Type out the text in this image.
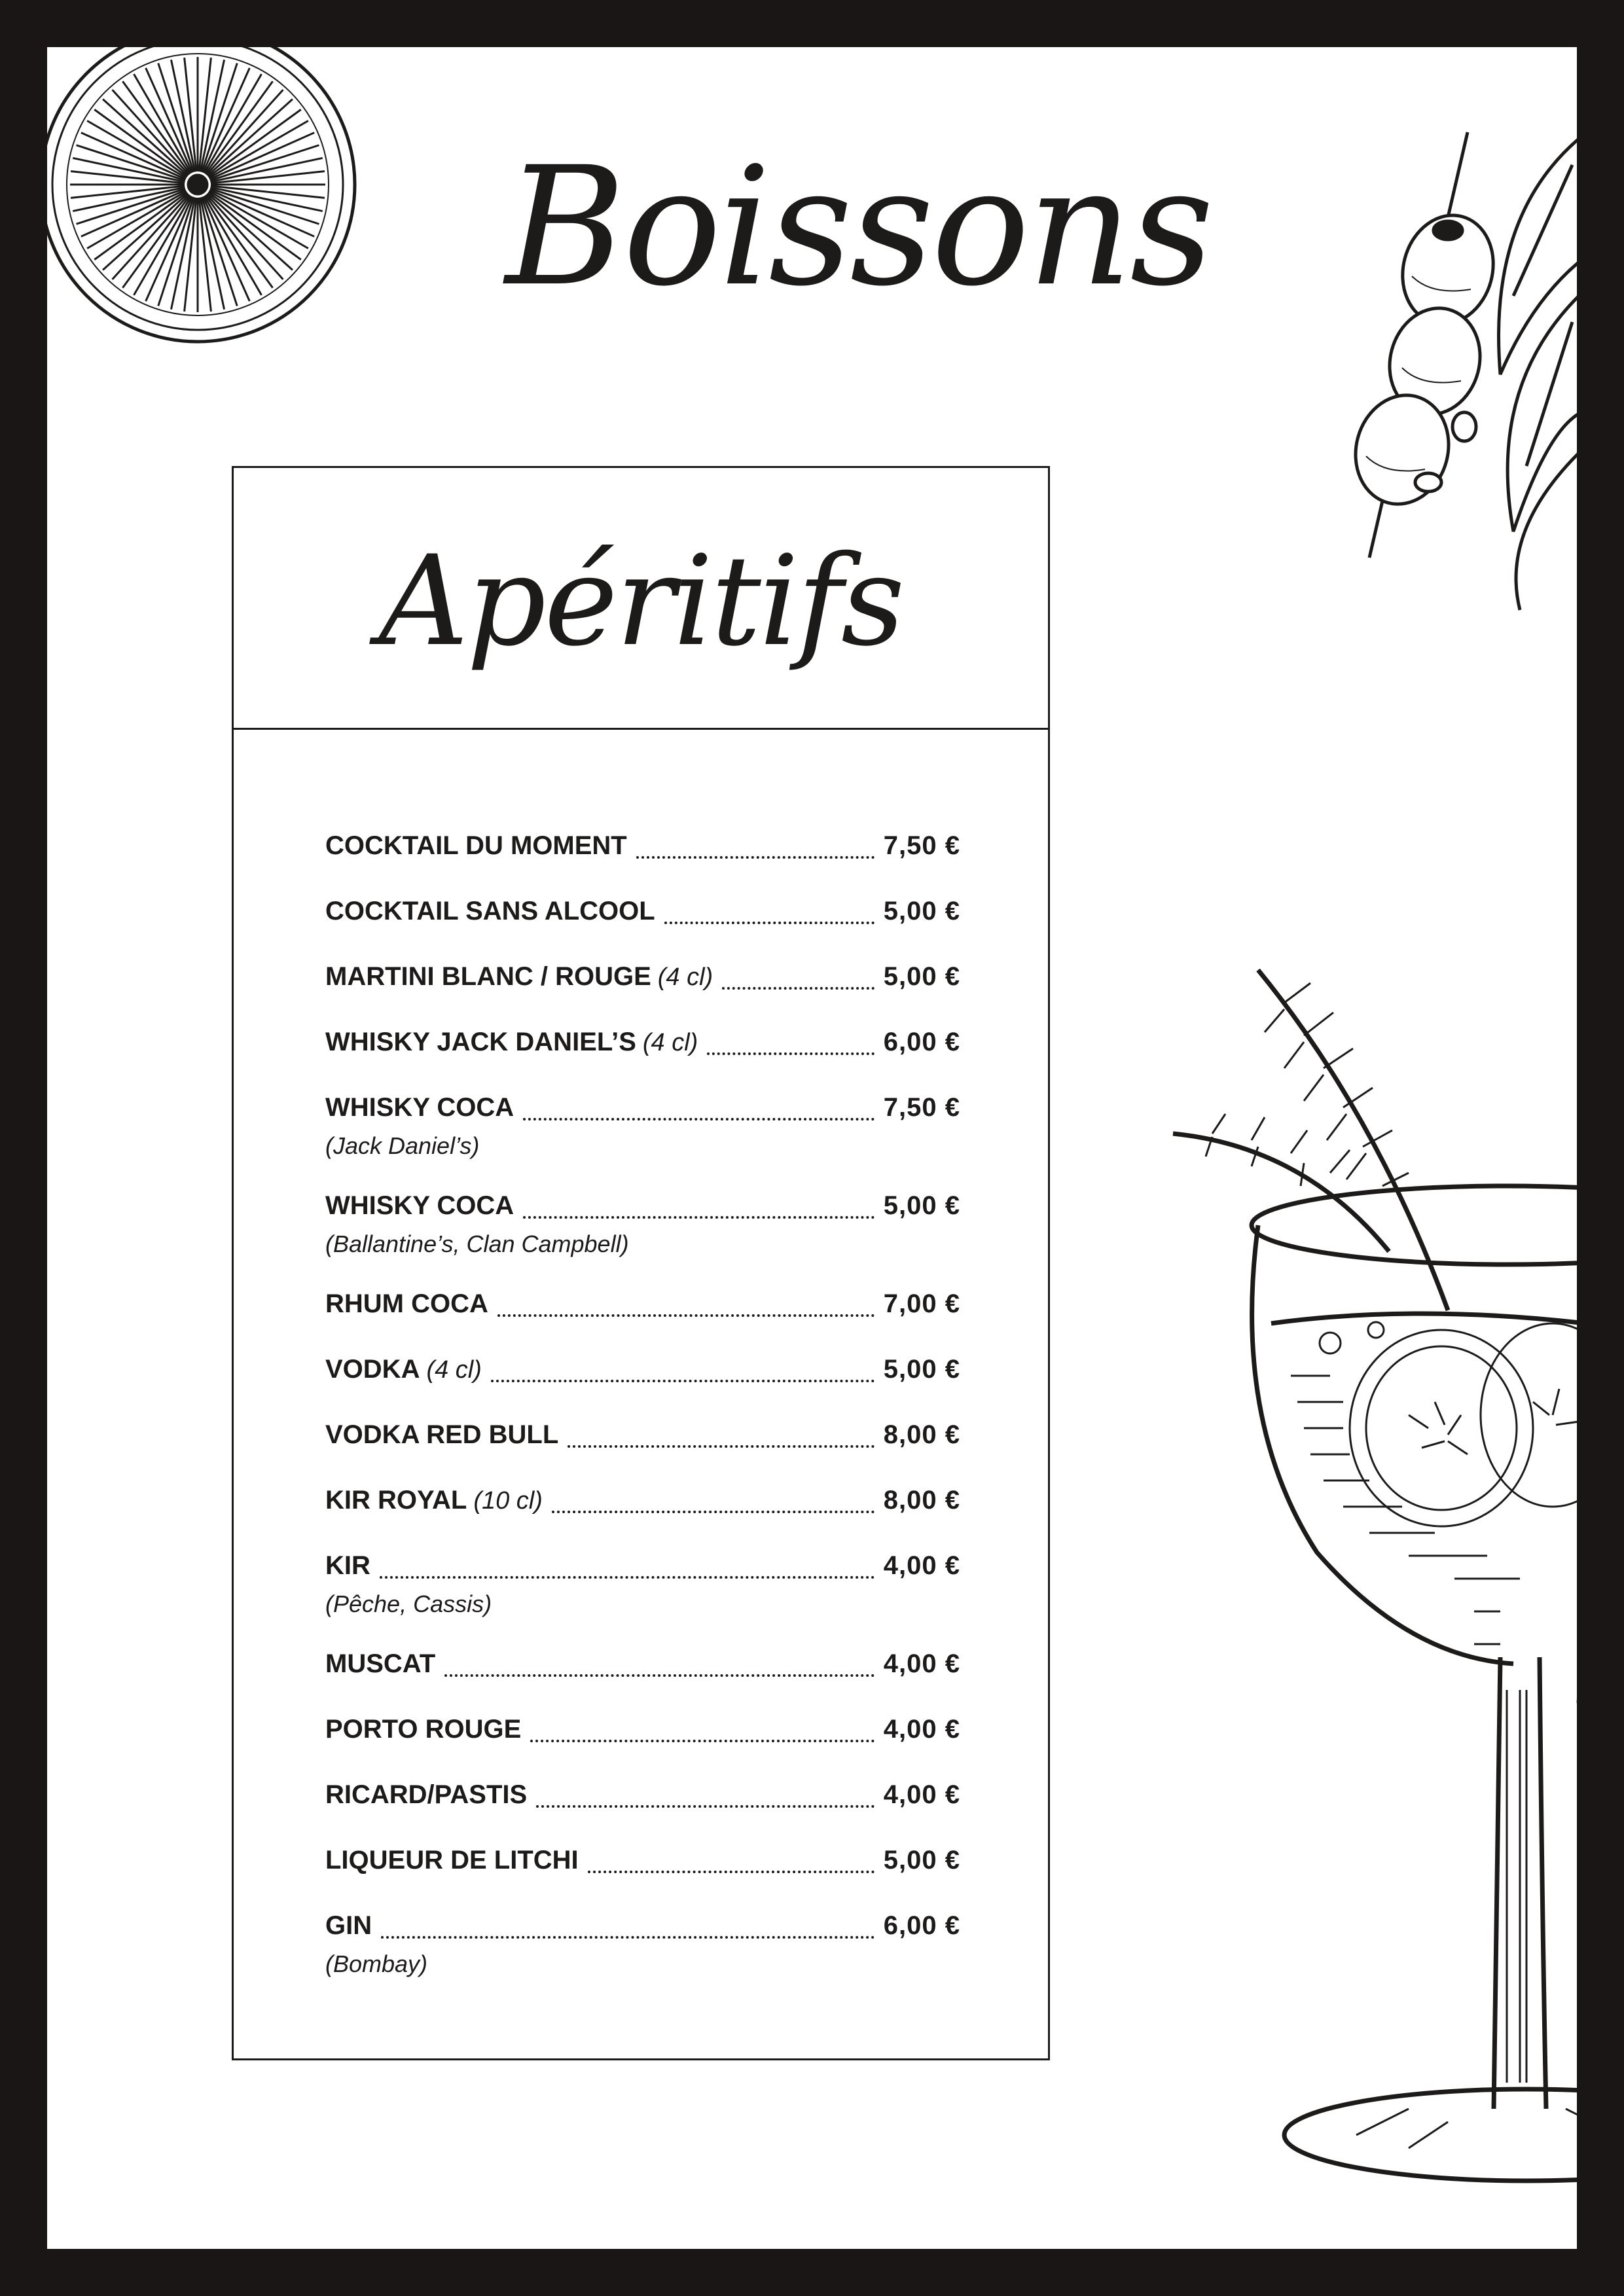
Boissons
Apéritifs
COCKTAIL DU MOMENT	7,50 €
COCKTAIL SANS ALCOOL	5,00 €
MARTINI BLANC / ROUGE (4 cl)	5,00 €
WHISKY JACK DANIEL’S (4 cl)	6,00 €
WHISKY COCA	7,50 €
(Jack Daniel’s)
WHISKY COCA	5,00 €
(Ballantine’s, Clan Campbell)
RHUM COCA	7,00 €
VODKA (4 cl)	5,00 €
VODKA RED BULL	8,00 €
KIR ROYAL (10 cl)	8,00 €
KIR	4,00 €
(Pêche, Cassis)
MUSCAT	4,00 €
PORTO ROUGE	4,00 €
RICARD/PASTIS	4,00 €
LIQUEUR DE LITCHI	5,00 €
GIN	6,00 €
(Bombay)
